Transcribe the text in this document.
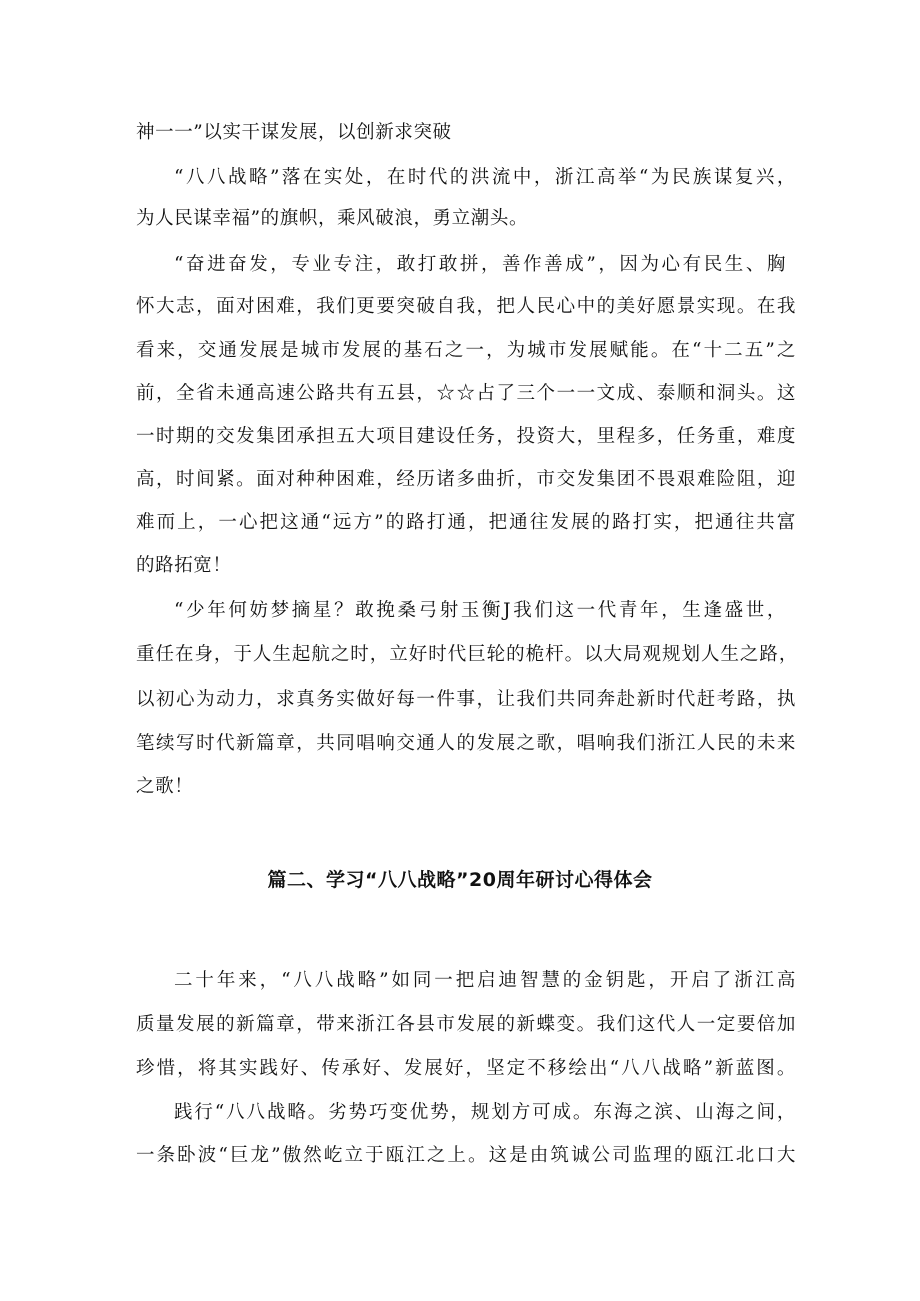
神一一”以实干谋发展，以创新求突破
“八八战略”落在实处，在时代的洪流中，浙江高举“为民族谋复兴，
为人民谋幸福”的旗帜，乘风破浪，勇立潮头。
“奋进奋发，专业专注，敢打敢拼，善作善成”，因为心有民生、胸
怀大志，面对困难，我们更要突破自我，把人民心中的美好愿景实现。在我
看来，交通发展是城市发展的基石之一，为城市发展赋能。在“十二五”之
前，全省未通高速公路共有五县，☆☆占了三个一一文成、泰顺和洞头。这
一时期的交发集团承担五大项目建设任务，投资大，里程多，任务重，难度
高，时间紧。面对种种困难，经历诸多曲折，市交发集团不畏艰难险阻，迎
难而上，一心把这通“远方”的路打通，把通往发展的路打实，把通往共富
的路拓宽！
“少年何妨梦摘星？敢挽桑弓射玉衡J我们这一代青年，生逢盛世，
重任在身，于人生起航之时，立好时代巨轮的桅杆。以大局观规划人生之路，
以初心为动力，求真务实做好每一件事，让我们共同奔赴新时代赶考路，执
笔续写时代新篇章，共同唱响交通人的发展之歌，唱响我们浙江人民的未来
之歌！
篇二、学习“八八战略”20周年研讨心得体会
二十年来，“八八战略”如同一把启迪智慧的金钥匙，开启了浙江高
质量发展的新篇章，带来浙江各县市发展的新蝶变。我们这代人一定要倍加
珍惜，将其实践好、传承好、发展好，坚定不移绘出“八八战略”新蓝图。
践行“八八战略。劣势巧变优势，规划方可成。东海之滨、山海之间，
一条卧波“巨龙”傲然屹立于瓯江之上。这是由筑诚公司监理的瓯江北口大
